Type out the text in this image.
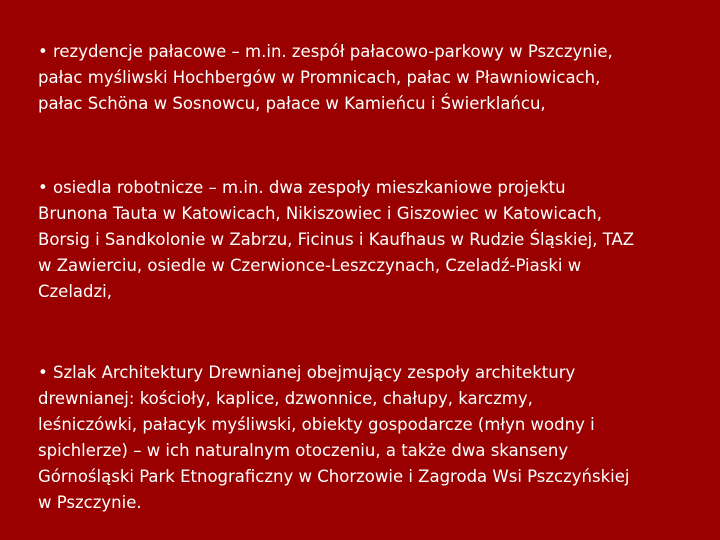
• rezydencje pałacowe – m.in. zespół pałacowo-parkowy w Pszczynie,
pałac myśliwski Hochbergów w Promnicach, pałac w Pławniowicach,
pałac Schöna w Sosnowcu, pałace w Kamieńcu i Świerklańcu,
• osiedla robotnicze – m.in. dwa zespoły mieszkaniowe projektu
Brunona Tauta w Katowicach, Nikiszowiec i Giszowiec w Katowicach,
Borsig i Sandkolonie w Zabrzu, Ficinus i Kaufhaus w Rudzie Śląskiej, TAZ
w Zawierciu, osiedle w Czerwionce-Leszczynach, Czeladź-Piaski w
Czeladzi,
• Szlak Architektury Drewnianej obejmujący zespoły architektury
drewnianej: kościoły, kaplice, dzwonnice, chałupy, karczmy,
leśniczówki, pałacyk myśliwski, obiekty gospodarcze (młyn wodny i
spichlerze) – w ich naturalnym otoczeniu, a także dwa skanseny
Górnośląski Park Etnograficzny w Chorzowie i Zagroda Wsi Pszczyńskiej
w Pszczynie.
